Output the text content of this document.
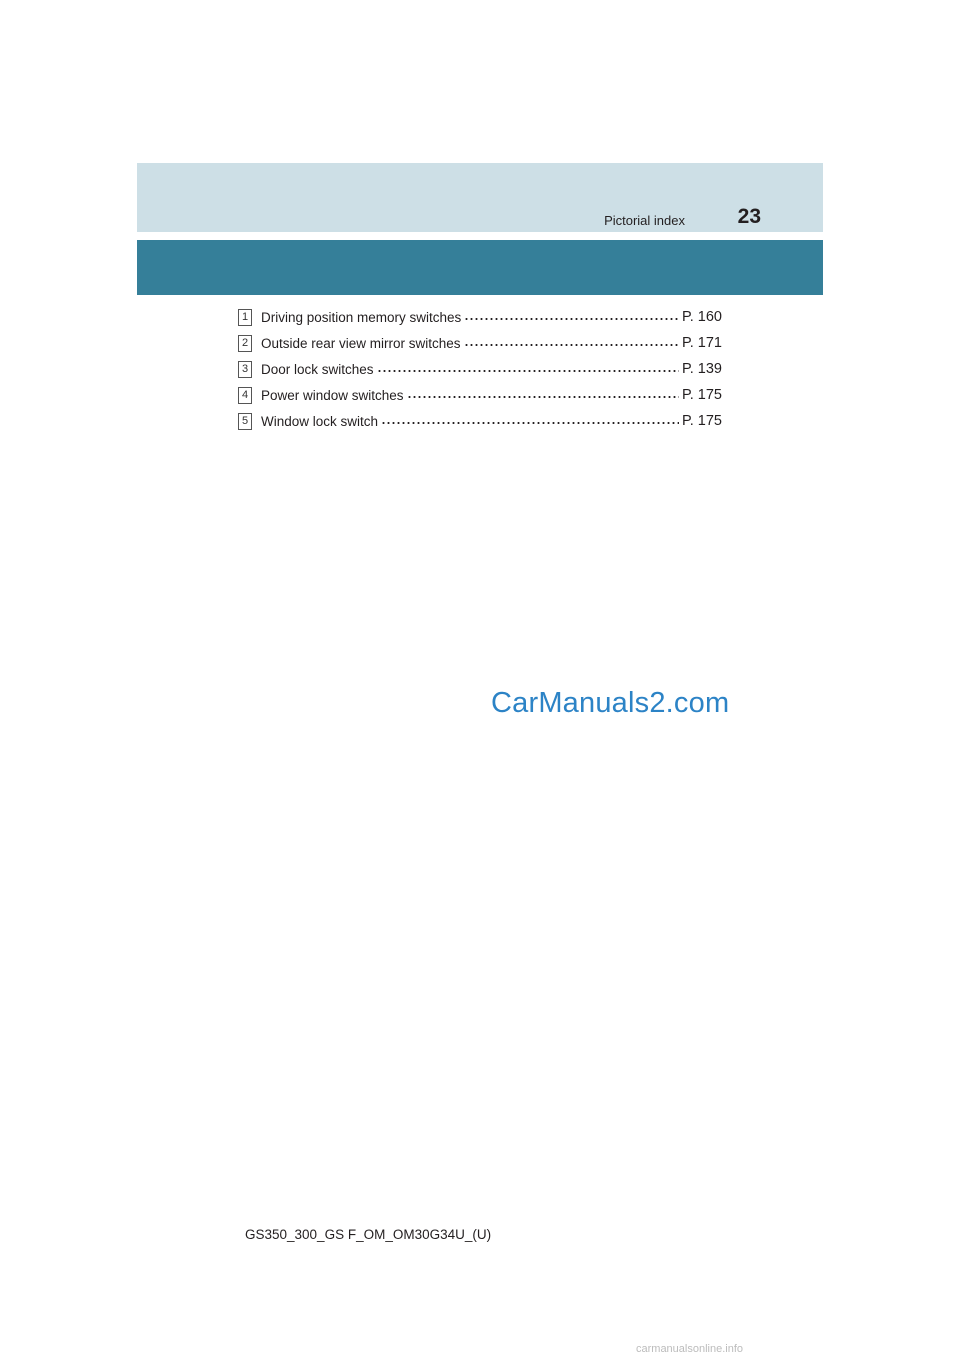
Pictorial index	23
1 Driving position memory switches	P. 160
2 Outside rear view mirror switches	P. 171
3 Door lock switches	P. 139
4 Power window switches	P. 175
5 Window lock switch	P. 175
CarManuals2.com
GS350_300_GS F_OM_OM30G34U_(U)
carmanualsonline.info
